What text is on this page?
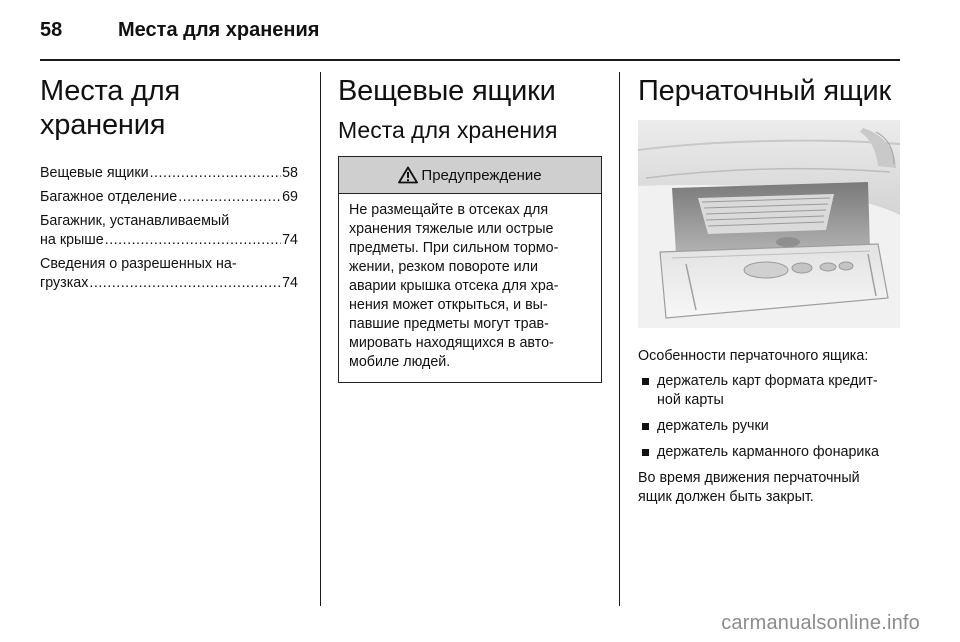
58	Места для хранения
Места для хранения
Вещевые ящики .....	58
Багажное отделение .....	69
Багажник, устанавливаемый
на крыше .....	74
Сведения о разрешенных на-
грузках .....	74
Вещевые ящики
Места для хранения
Предупреждение
Не размещайте в отсеках для
хранения тяжелые или острые
предметы. При сильном тормо-
жении, резком повороте или
аварии крышка отсека для хра-
нения может открыться, и вы-
павшие предметы могут трав-
мировать находящихся в авто-
мобиле людей.
Перчаточный ящик

Особенности перчаточного ящика:

держатель карт формата кредит-
ной карты
держатель ручки
держатель карманного фонарика

Во время движения перчаточный
ящик должен быть закрыт.

carmanualsonline.info
